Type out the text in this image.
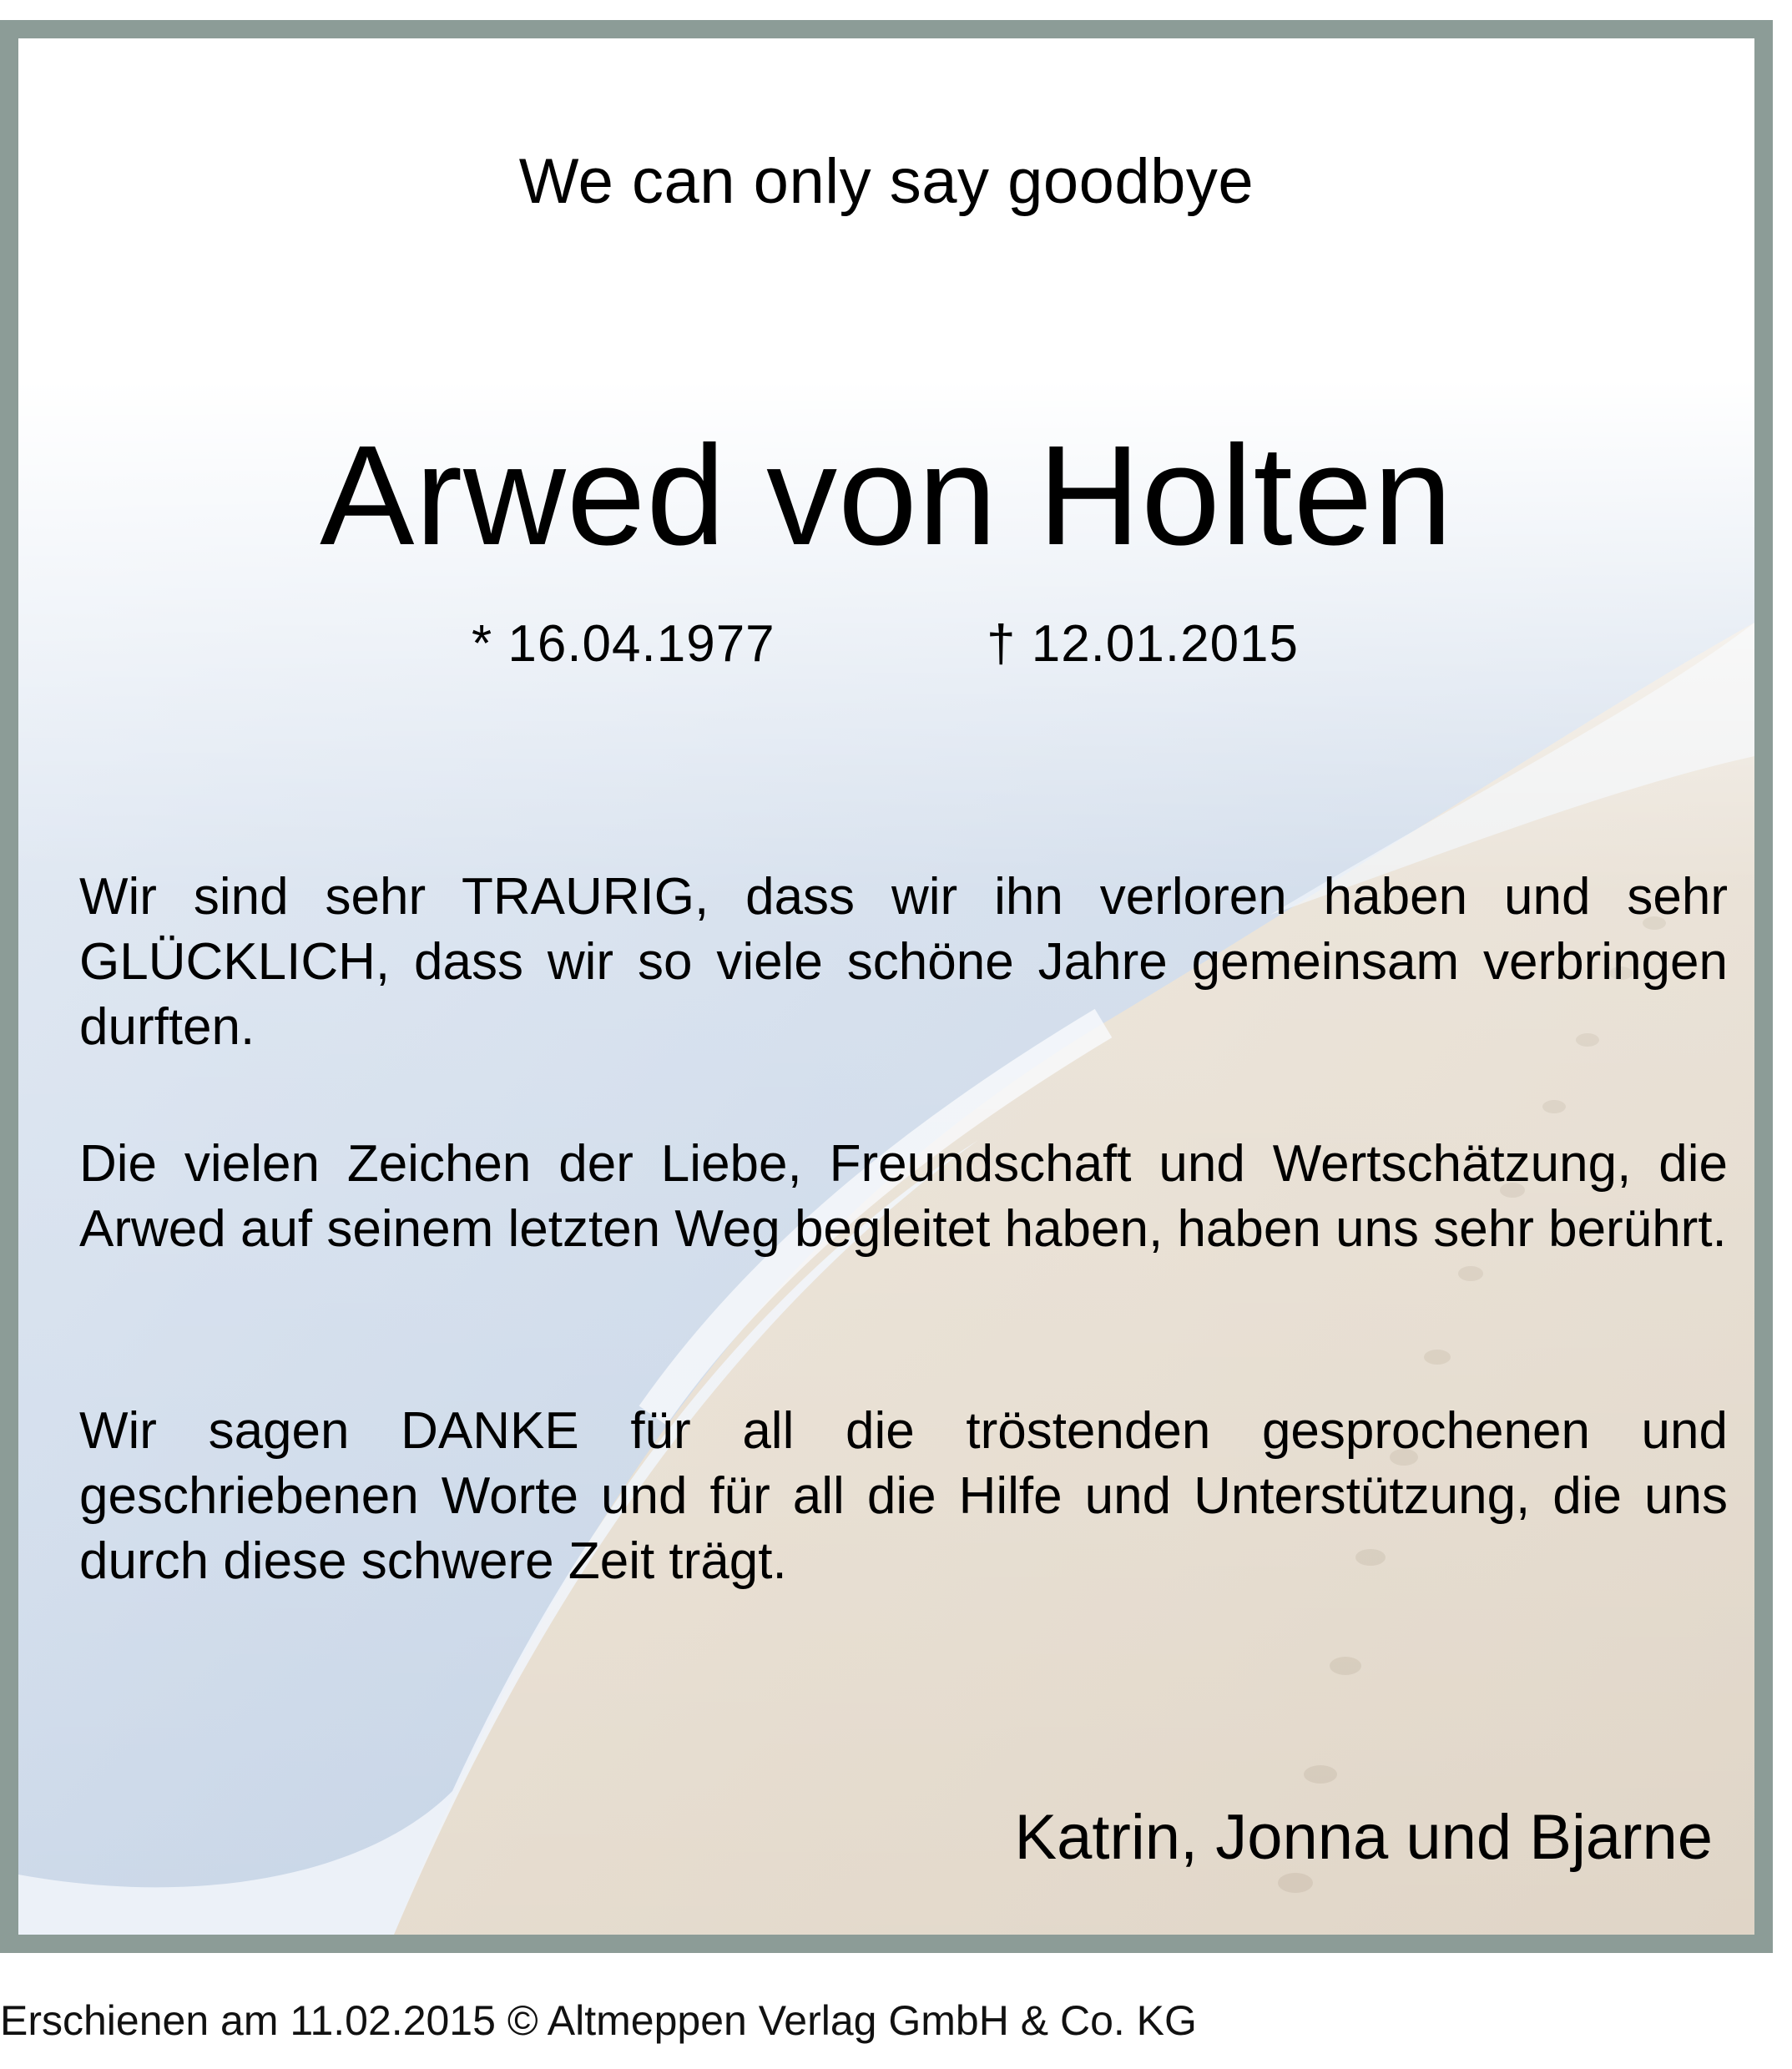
We can only say goodbye
Arwed von Holten
* 16.04.1977	† 12.01.2015
Wir sind sehr TRAURIG, dass wir ihn verloren haben und sehr GLÜCKLICH, dass wir so viele schöne Jahre gemeinsam verbringen durften.
Die vielen Zeichen der Liebe, Freundschaft und Wertschätzung, die Arwed auf seinem letzten Weg begleitet haben, haben uns sehr berührt.
Wir sagen DANKE für all die tröstenden gesprochenen und geschriebenen Worte und für all die Hilfe und Unterstützung, die uns durch diese schwere Zeit trägt.
Katrin, Jonna und Bjarne
Erschienen am 11.02.2015 © Altmeppen Verlag GmbH & Co. KG
